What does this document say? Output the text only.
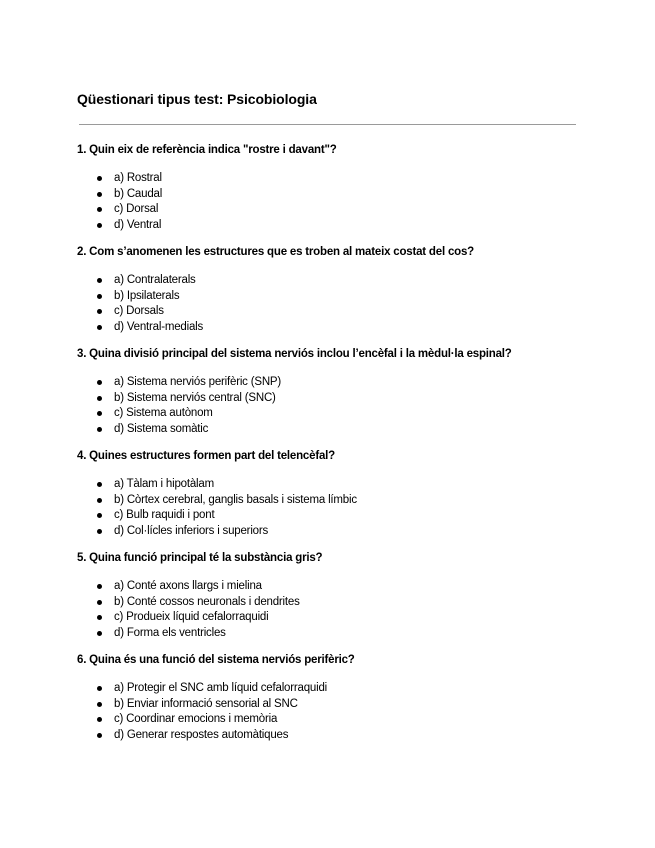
Qüestionari tipus test: Psicobiologia
1. Quin eix de referència indica "rostre i davant"?
a) Rostral
b) Caudal
c) Dorsal
d) Ventral
2. Com s’anomenen les estructures que es troben al mateix costat del cos?
a) Contralaterals
b) Ipsilaterals
c) Dorsals
d) Ventral-medials
3. Quina divisió principal del sistema nerviós inclou l’encèfal i la mèdul·la espinal?
a) Sistema nerviós perifèric (SNP)
b) Sistema nerviós central (SNC)
c) Sistema autònom
d) Sistema somàtic
4. Quines estructures formen part del telencèfal?
a) Tàlam i hipotàlam
b) Còrtex cerebral, ganglis basals i sistema límbic
c) Bulb raquidi i pont
d) Col·lícles inferiors i superiors
5. Quina funció principal té la substància gris?
a) Conté axons llargs i mielina
b) Conté cossos neuronals i dendrites
c) Produeix líquid cefalorraquidi
d) Forma els ventricles
6. Quina és una funció del sistema nerviós perifèric?
a) Protegir el SNC amb líquid cefalorraquidi
b) Enviar informació sensorial al SNC
c) Coordinar emocions i memòria
d) Generar respostes automàtiques
